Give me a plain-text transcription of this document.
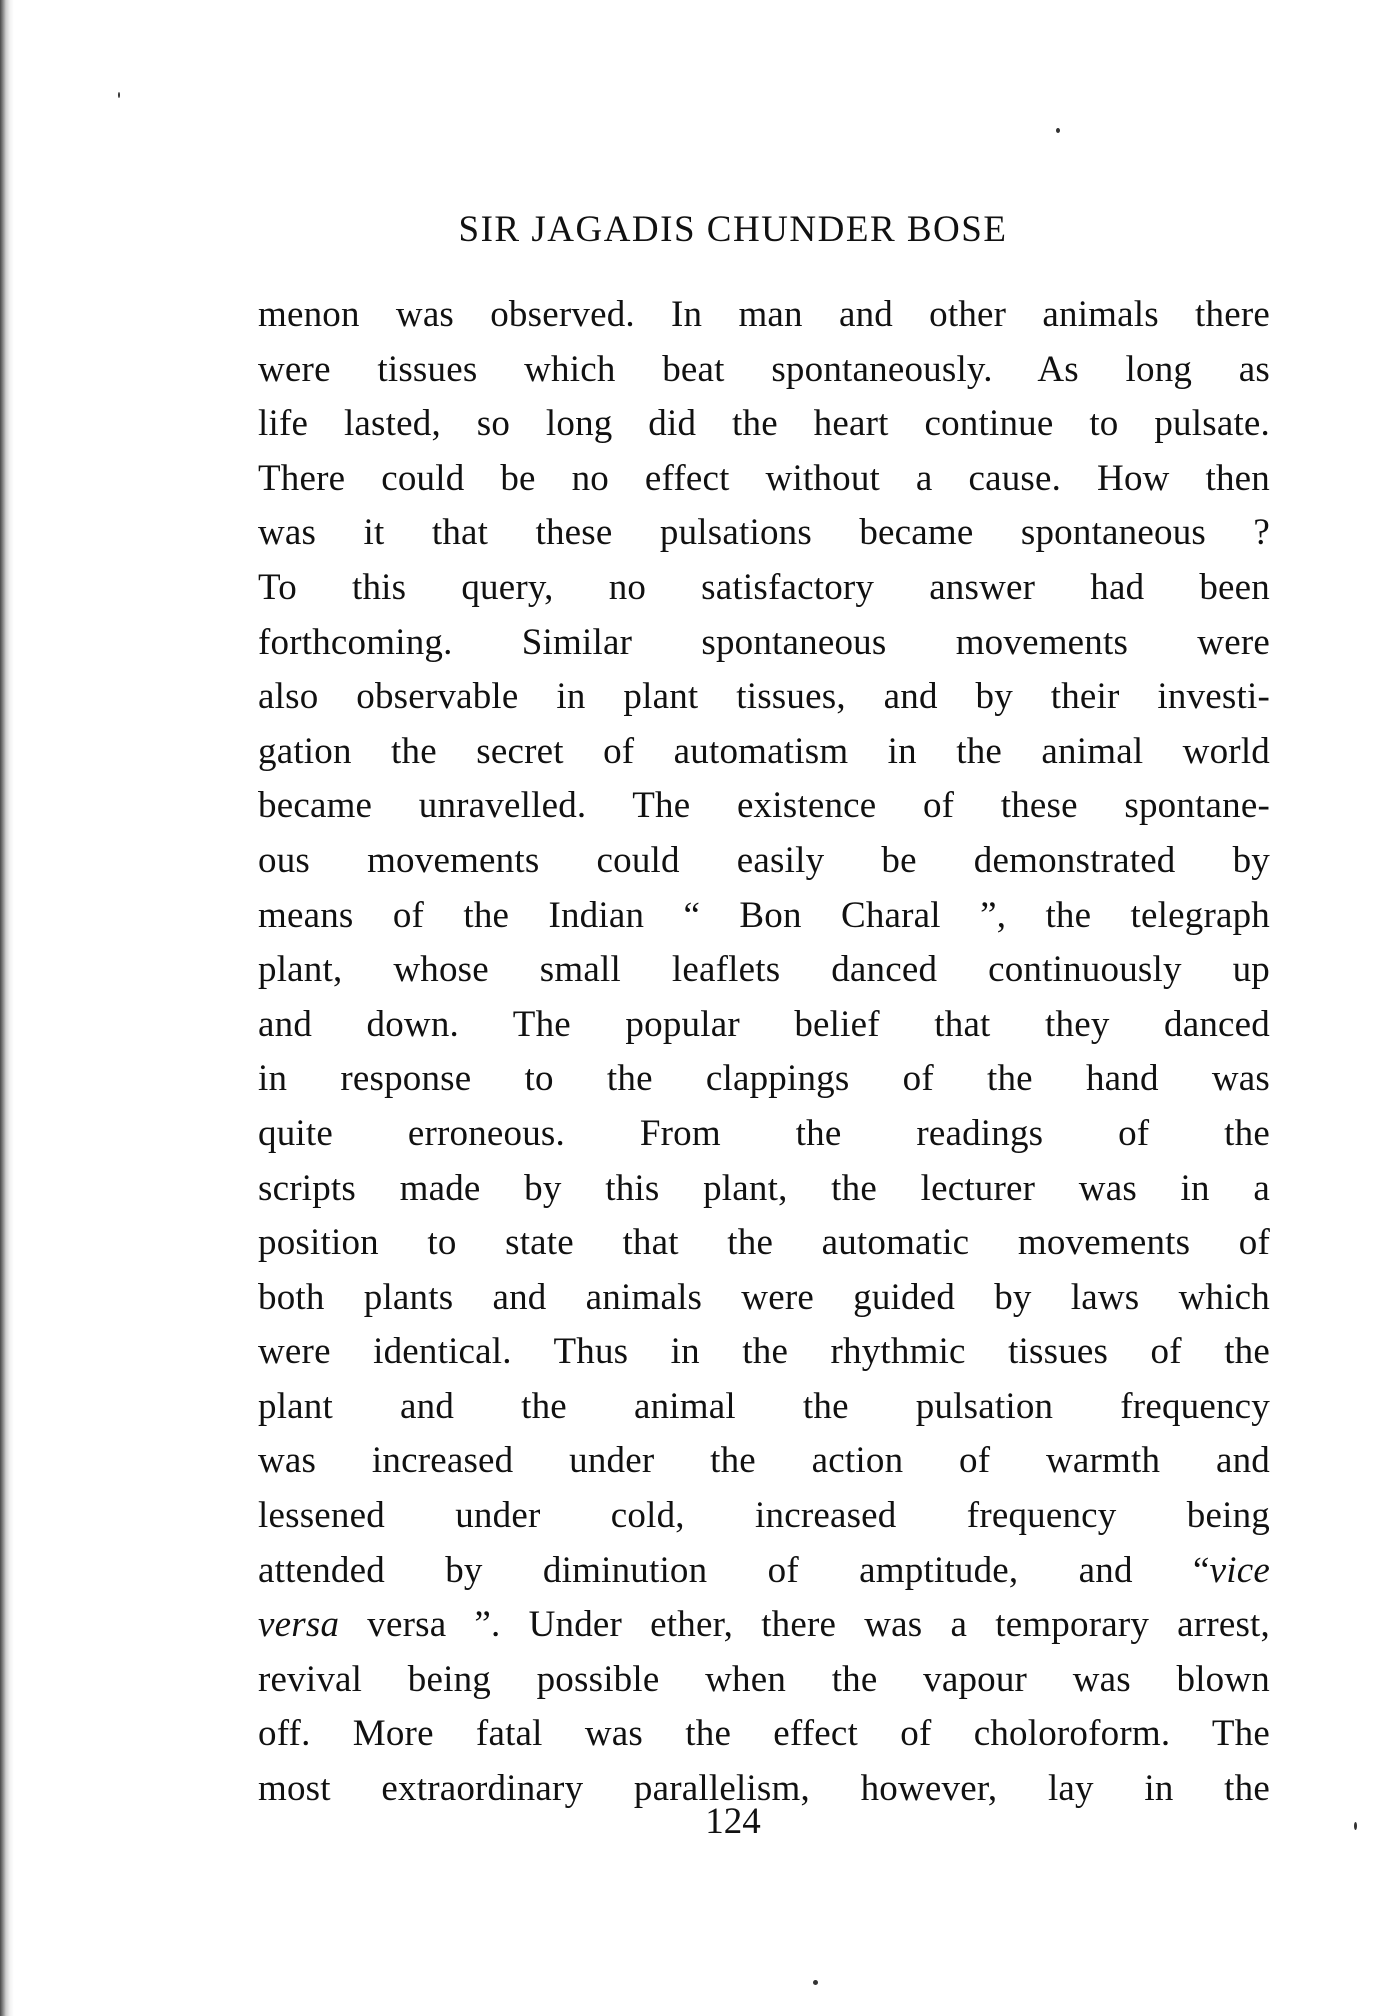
SIR JAGADIS CHUNDER BOSE
menon was observed. In man and other animals there
were tissues which beat spontaneously. As long as
life lasted, so long did the heart continue to pulsate.
There could be no effect without a cause. How then
was it that these pulsations became spontaneous ?
To this query, no satisfactory answer had been
forthcoming. Similar spontaneous movements were
also observable in plant tissues, and by their investi-
gation the secret of automatism in the animal world
became unravelled. The existence of these spontane-
ous movements could easily be demonstrated by
means of the Indian “ Bon Charal ”, the telegraph
plant, whose small leaflets danced continuously up
and down. The popular belief that they danced
in response to the clappings of the hand was
quite erroneous. From the readings of the
scripts made by this plant, the lecturer was in a
position to state that the automatic movements of
both plants and animals were guided by laws which
were identical. Thus in the rhythmic tissues of the
plant and the animal the pulsation frequency
was increased under the action of warmth and
lessened under cold, increased frequency being
attended by diminution of amptitude, and “vice
versa versa ”. Under ether, there was a temporary arrest,
revival being possible when the vapour was blown
off. More fatal was the effect of choloroform. The
most extraordinary parallelism, however, lay in the
124
